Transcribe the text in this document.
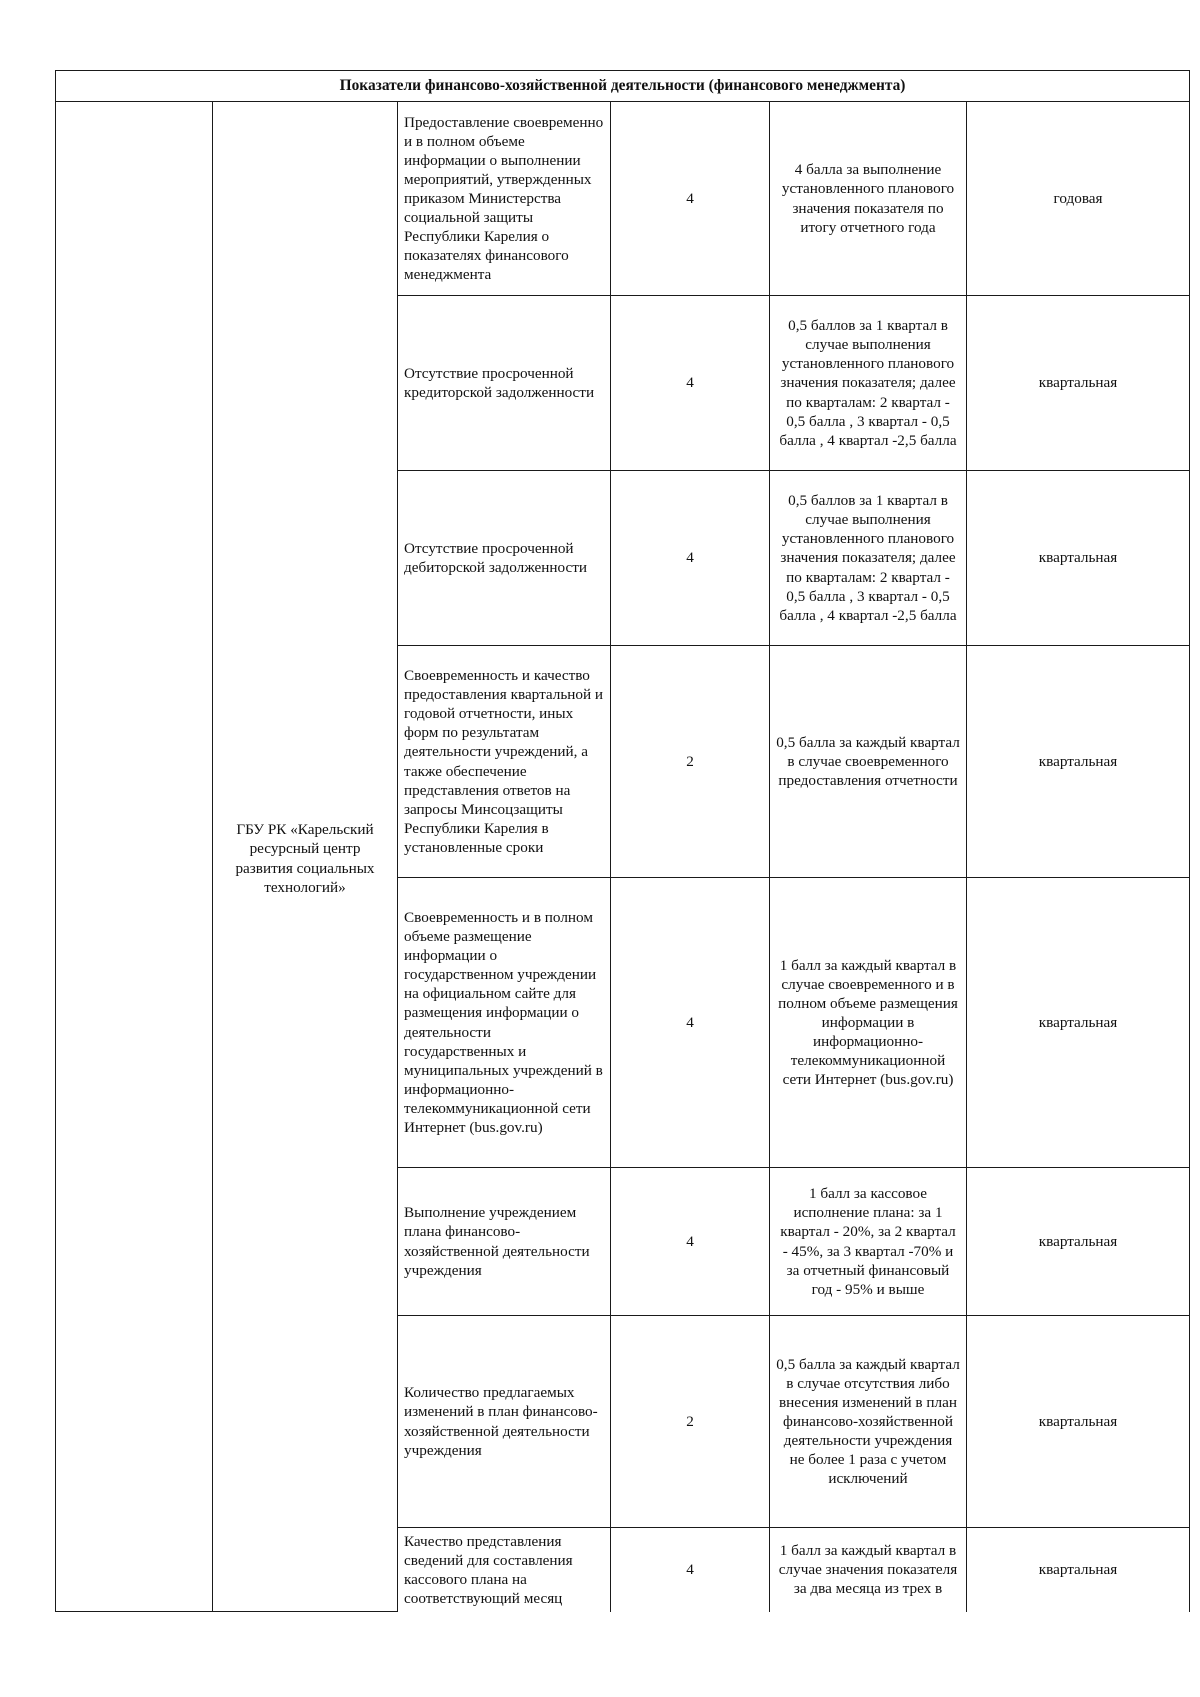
Показатели финансово-хозяйственной деятельности (финансового менеджмента)					

	ГБУ РК «Карельский ресурсный центр развития социальных технологий»	Предоставление своевременно и в полном объеме информации о выполнении мероприятий, утвержденных приказом Министерства социальной защиты Республики Карелия о показателях финансового менеджмента	4	4 балла за выполнение установленного планового значения показателя по итогу отчетного года	годовая
		Отсутствие просроченной кредиторской задолженности	4	0,5 баллов за 1 квартал в случае выполнения установленного планового значения показателя; далее по кварталам: 2 квартал - 0,5 балла , 3 квартал - 0,5 балла , 4 квартал -2,5 балла	квартальная
		Отсутствие просроченной дебиторской задолженности	4	0,5 баллов за 1 квартал в случае выполнения установленного планового значения показателя; далее по кварталам: 2 квартал - 0,5 балла , 3 квартал - 0,5 балла , 4 квартал -2,5 балла	квартальная
		Своевременность и качество предоставления квартальной и годовой отчетности, иных форм по результатам деятельности учреждений, а также обеспечение представления ответов на запросы Минсоцзащиты Республики Карелия в установленные сроки	2	0,5 балла за каждый квартал в случае своевременного предоставления отчетности	квартальная
		Своевременность и в полном объеме размещение информации о государственном учреждении на официальном сайте для размещения информации о деятельности государственных и муниципальных учреждений в информационно-телекоммуникационной сети Интернет (bus.gov.ru)	4	1 балл за каждый квартал в случае своевременного и в полном объеме размещения информации в информационно-телекоммуникационной сети Интернет (bus.gov.ru)	квартальная
		Выполнение учреждением плана финансово-хозяйственной деятельности учреждения	4	1 балл за кассовое исполнение плана: за 1 квартал - 20%, за 2 квартал - 45%, за 3 квартал -70% и за отчетный финансовый год - 95% и выше	квартальная
		Количество предлагаемых изменений в план финансово-хозяйственной деятельности учреждения	2	0,5 балла за каждый квартал в случае отсутствия либо внесения изменений в план финансово-хозяйственной деятельности учреждения не более 1 раза с учетом исключений	квартальная
		Качество представления сведений для составления кассового плана на соответствующий месяц	4	1 балл за каждый квартал в случае значения показателя за два месяца из трех в	квартальная
